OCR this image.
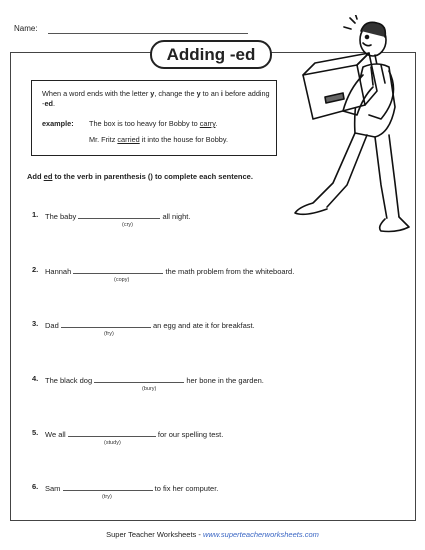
Name:
Adding -ed
When a word ends with the letter y, change the y to an i before adding -ed.
example: The box is too heavy for Bobby to carry.
Mr. Fritz carried it into the house for Bobby.
Add ed to the verb in parenthesis () to complete each sentence.
1. The baby	all night.
(cry)
2. Hannah	the math problem from the whiteboard.
(copy)
3. Dad	an egg and ate it for breakfast.
(fry)
4. The black dog	her bone in the garden.
(bury)
5. We all	for our spelling test.
(study)
6. Sam	to fix her computer.
(try)
Super Teacher Worksheets - www.superteacherworksheets.com
